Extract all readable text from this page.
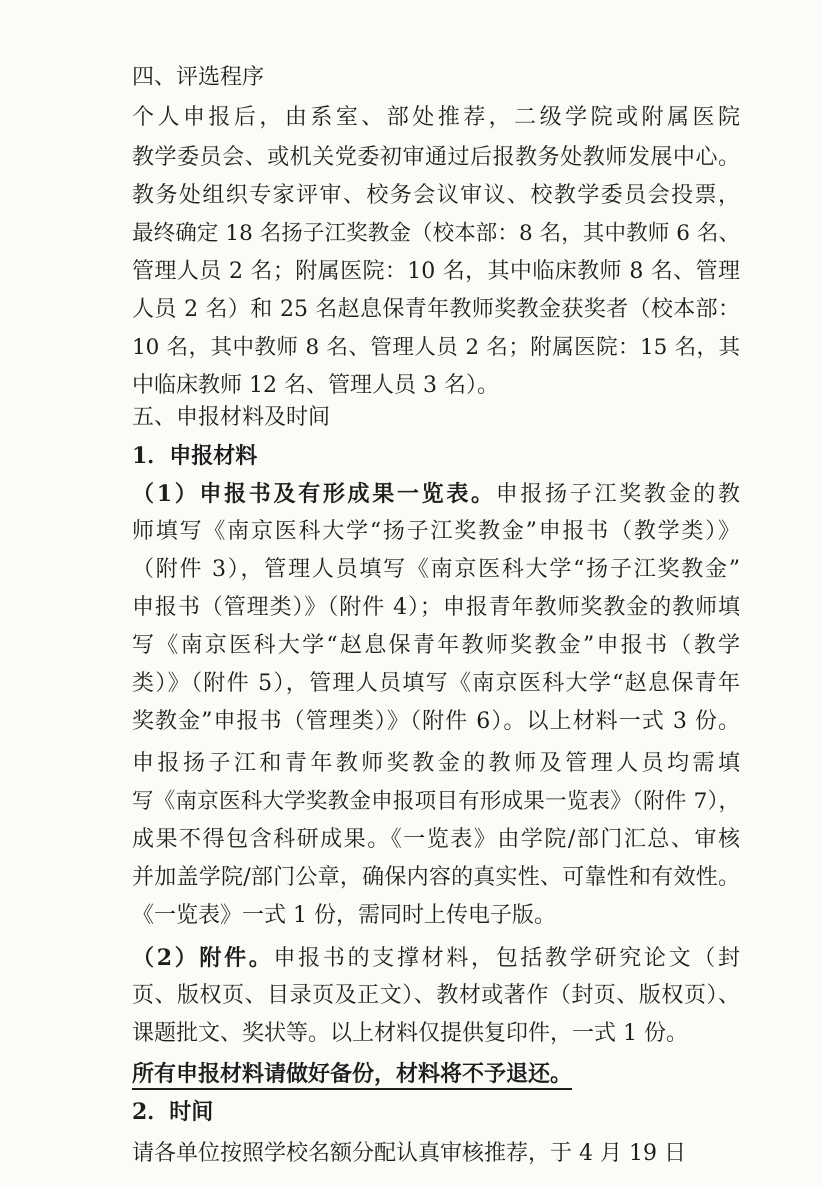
四、评选程序
个人申报后，由系室、部处推荐，二级学院或附属医院
教学委员会、或机关党委初审通过后报教务处教师发展中心。
教务处组织专家评审、校务会议审议、校教学委员会投票，
最终确定 18 名扬子江奖教金（校本部：8 名，其中教师 6 名、
管理人员 2 名；附属医院：10 名，其中临床教师 8 名、管理
人员 2 名）和 25 名赵息保青年教师奖教金获奖者（校本部：
10 名，其中教师 8 名、管理人员 2 名；附属医院：15 名，其
中临床教师 12 名、管理人员 3 名）。
五、申报材料及时间
1．申报材料
（1）申报书及有形成果一览表。申报扬子江奖教金的教
师填写《南京医科大学“扬子江奖教金”申报书（教学类）》
（附件 3），管理人员填写《南京医科大学“扬子江奖教金”
申报书（管理类）》（附件 4）；申报青年教师奖教金的教师填
写《南京医科大学“赵息保青年教师奖教金”申报书（教学
类）》（附件 5），管理人员填写《南京医科大学“赵息保青年
奖教金”申报书（管理类）》（附件 6）。以上材料一式 3 份。
申报扬子江和青年教师奖教金的教师及管理人员均需填
写《南京医科大学奖教金申报项目有形成果一览表》（附件 7），
成果不得包含科研成果。《一览表》由学院/部门汇总、审核
并加盖学院/部门公章，确保内容的真实性、可靠性和有效性。
《一览表》一式 1 份，需同时上传电子版。
（2）附件。申报书的支撑材料，包括教学研究论文（封
页、版权页、目录页及正文）、教材或著作（封页、版权页）、
课题批文、奖状等。以上材料仅提供复印件，一式 1 份。
所有申报材料请做好备份，材料将不予退还。
2．时间
请各单位按照学校名额分配认真审核推荐，于 4 月 19 日
